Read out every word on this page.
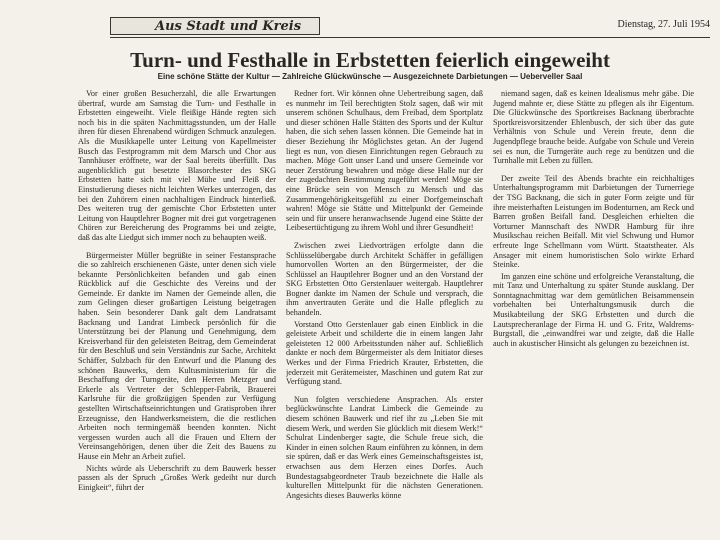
Aus Stadt und Kreis	Dienstag, 27. Juli 1954
Turn- und Festhalle in Erbstetten feierlich eingeweiht
Eine schöne Stätte der Kultur — Zahlreiche Glückwünsche — Ausgezeichnete Darbietungen — Ueberveller Saal

Vor einer großen Besucherzahl, die alle Erwartungen übertraf, wurde am Samstag die Turn- und Festhalle in Erbstetten eingeweiht. Viele fleißige Hände regten sich noch bis in die späten Nachmittagsstunden, um der Halle ihren für diesen Ehrenabend würdigen Schmuck anzulegen. Als die Musikkapelle unter Leitung von Kapellmeister Busch das Festprogramm mit dem Marsch und Chor aus Tannhäuser eröffnete, war der Saal bereits überfüllt. Das augenblicklich gut besetzte Blasorchester des SKG Erbstetten hatte sich mit viel Mühe und Fleiß der Einstudierung dieses nicht leichten Werkes unterzogen, das bei den Zuhörern einen nachhaltigen Eindruck hinterließ. Des weiteren trug der gemischte Chor Erbstetten unter Leitung von Hauptlehrer Bogner mit drei gut vorgetragenen Chören zur Bereicherung des Programms bei und zeigte, daß das alte Liedgut sich immer noch zu behaupten weiß.

Bürgermeister Müller begrüßte in seiner Festansprache die so zahlreich erschienenen Gäste, unter denen sich viele bekannte Persönlichkeiten befanden und gab einen Rückblick auf die Geschichte des Vereins und der Gemeinde. Er dankte im Namen der Gemeinde allen, die zum Gelingen dieser großartigen Leistung beigetragen haben. Sein besonderer Dank galt dem Landratsamt Backnang und Landrat Limbeck persönlich für die Unterstützung bei der Planung und Genehmigung, dem Kreisverband für den geleisteten Beitrag, dem Gemeinderat für den Beschluß und sein Verständnis zur Sache, Architekt Schäffer, Sulzbach für den Entwurf und die Planung des schönen Bauwerks, dem Kultusministerium für die Beschaffung der Turngeräte, den Herren Metzger und Erkerle als Vertreter der Schlepper-Fabrik, Brauerei Karlsruhe für die großzügigen Spenden zur Verfügung gestellten Wirtschaftseinrichtungen und Gratisproben ihrer Erzeugnisse, den Handwerksmeistern, die die restlichen Arbeiten noch termingemäß beenden konnten. Nicht vergessen wurden auch all die Frauen und Eltern der Vereinsangehörigen, denen über die Zeit des Bauens zu Hause ein Mehr an Arbeit zufiel.

Nichts würde als Ueberschrift zu dem Bauwerk besser passen als der Spruch „Großes Werk gedeiht nur durch Einigkeit“, führt der

Redner fort. Wir können ohne Uebertreibung sagen, daß es nunmehr im Teil berechtigten Stolz sagen, daß wir mit unserem schönen Schulhaus, dem Freibad, dem Sportplatz und dieser schönen Halle Stätten des Sports und der Kultur haben, die sich sehen lassen können. Die Gemeinde hat in dieser Beziehung ihr Möglichstes getan. An der Jugend liegt es nun, von diesen Einrichtungen regen Gebrauch zu machen. Möge Gott unser Land und unsere Gemeinde vor neuer Zerstörung bewahren und möge diese Halle nur der der zugedachten Bestimmung zugeführt werden! Möge sie eine Brücke sein von Mensch zu Mensch und das Zusammengehörigkeitsgefühl zu einer Dorfgemeinschaft wahren! Möge sie Stätte und Mittelpunkt der Gemeinde sein und für unsere heranwachsende Jugend eine Stätte der Leibesertüchtigung zu ihrem Wohl und ihrer Gesundheit!

Zwischen zwei Liedvorträgen erfolgte dann die Schlüsselübergabe durch Architekt Schäffer in gefälligen humorvollen Worten an den Bürgermeister, der die Schlüssel an Hauptlehrer Bogner und an den Vorstand der SKG Erbstetten Otto Gerstenlauer weitergab. Hauptlehrer Bogner dankte im Namen der Schule und versprach, die ihm anvertrauten Geräte und die Halle pfleglich zu behandeln.

Vorstand Otto Gerstenlauer gab einen Einblick in die geleistete Arbeit und schilderte die in einem langen Jahr geleisteten 12 000 Arbeitsstunden näher auf. Schließlich dankte er noch dem Bürgermeister als dem Initiator dieses Werkes und der Firma Friedrich Krauter, Erbstetten, die jederzeit mit Gerätemeister, Maschinen und gutem Rat zur Verfügung stand.

Nun folgten verschiedene Ansprachen. Als erster beglückwünschte Landrat Limbeck die Gemeinde zu diesem schönen Bauwerk und rief ihr zu „Leben Sie mit diesem Werk, und werden Sie glücklich mit diesem Werk!“ Schulrat Lindenberger sagte, die Schule freue sich, die Kinder in einen solchen Raum einführen zu können, in dem sie spüren, daß er das Werk eines Gemeinschaftsgeistes ist, erwachsen aus dem Herzen eines Dorfes. Auch Bundestagsabgeordneter Traub bezeichnete die Halle als kulturellen Mittelpunkt für die nächsten Generationen. Angesichts dieses Bauwerks könne

niemand sagen, daß es keinen Idealismus mehr gäbe. Die Jugend mahnte er, diese Stätte zu pflegen als ihr Eigentum. Die Glückwünsche des Sportkreises Backnang überbrachte Sportkreisvorsitzender Ehlenbusch, der sich über das gute Verhältnis von Schule und Verein freute, denn die Jugendpflege brauche beide. Aufgabe von Schule und Verein sei es nun, die Turngeräte auch rege zu benützen und die Turnhalle mit Leben zu füllen.

Der zweite Teil des Abends brachte ein reichhaltiges Unterhaltungsprogramm mit Darbietungen der Turnerriege der TSG Backnang, die sich in guter Form zeigte und für ihre meisterhaften Leistungen im Bodenturnen, am Reck und Barren großen Beifall fand. Desgleichen erhielten die Vorturner Mannschaft des NWDR Hamburg für ihre Musikschau reichen Beifall. Mit viel Schwung und Humor erfreute Inge Schellmann vom Württ. Staatstheater. Als Ansager mit einem humoristischen Solo wirkte Erhard Steinke.

Im ganzen eine schöne und erfolgreiche Veranstaltung, die mit Tanz und Unterhaltung zu später Stunde ausklang. Der Sonntagnachmittag war dem gemütlichen Beisammensein vorbehalten bei Unterhaltungsmusik durch die Musikabteilung der SKG Erbstetten und durch die Lautsprecheranlage der Firma H. und G. Fritz, Waldrems-Burgstall, die „einwandfrei war und zeigte, daß die Halle auch in akustischer Hinsicht als gelungen zu bezeichnen ist.
